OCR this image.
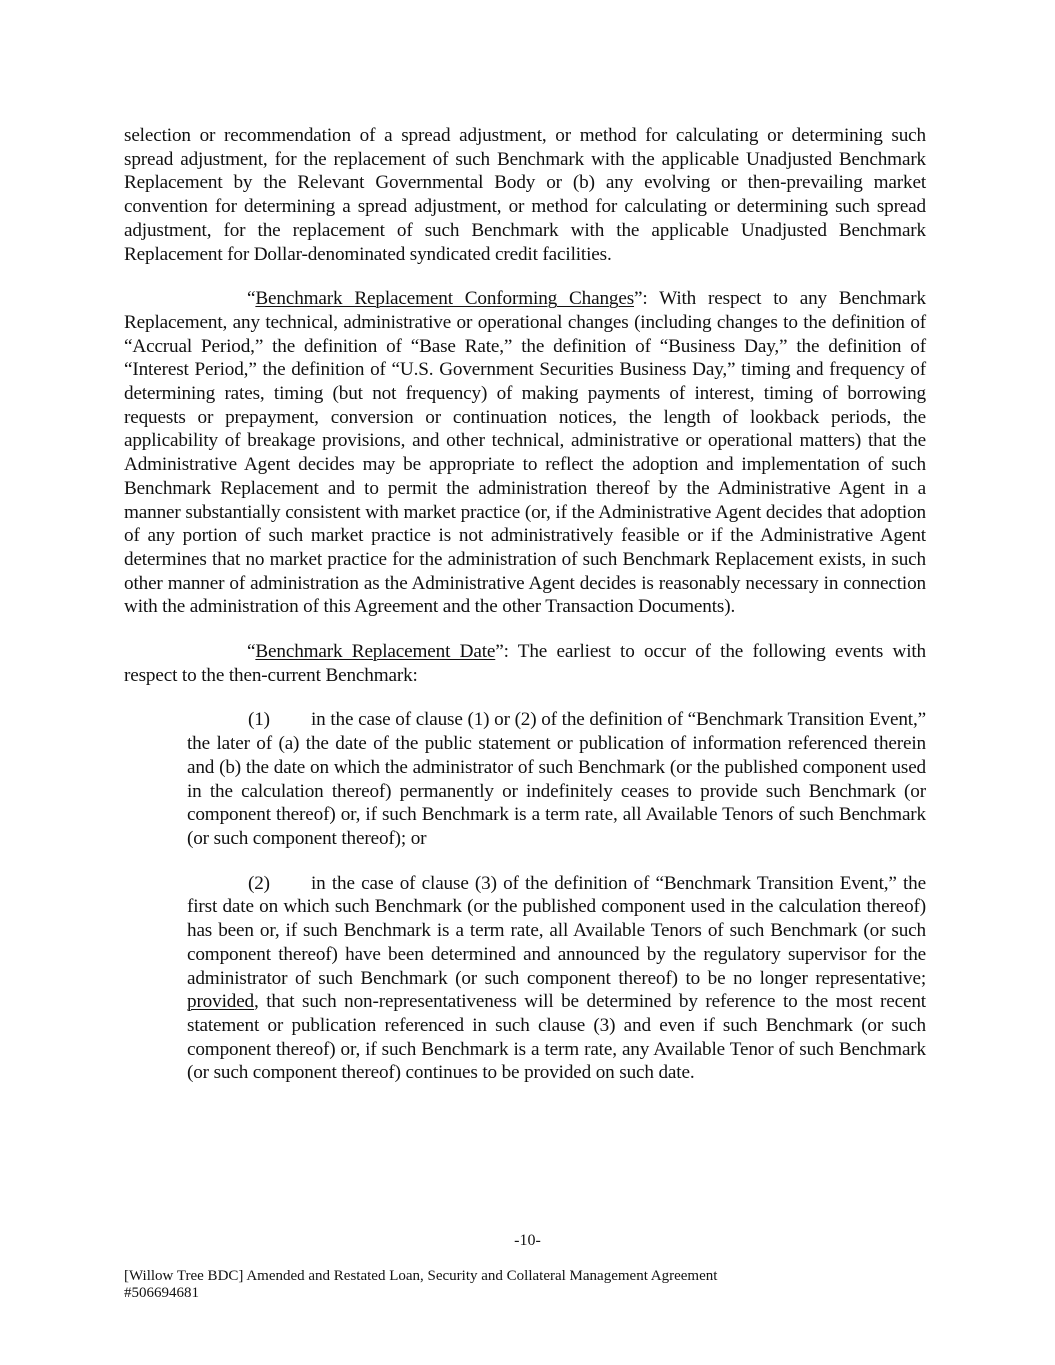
selection or recommendation of a spread adjustment, or method for calculating or determining such spread adjustment, for the replacement of such Benchmark with the applicable Unadjusted Benchmark Replacement by the Relevant Governmental Body or (b) any evolving or then-prevailing market convention for determining a spread adjustment, or method for calculating or determining such spread adjustment, for the replacement of such Benchmark with the applicable Unadjusted Benchmark Replacement for Dollar-denominated syndicated credit facilities.

“Benchmark Replacement Conforming Changes”: With respect to any Benchmark Replacement, any technical, administrative or operational changes (including changes to the definition of “Accrual Period,” the definition of “Base Rate,” the definition of “Business Day,” the definition of “Interest Period,” the definition of “U.S. Government Securities Business Day,” timing and frequency of determining rates, timing (but not frequency) of making payments of interest, timing of borrowing requests or prepayment, conversion or continuation notices, the length of lookback periods, the applicability of breakage provisions, and other technical, administrative or operational matters) that the Administrative Agent decides may be appropriate to reflect the adoption and implementation of such Benchmark Replacement and to permit the administration thereof by the Administrative Agent in a manner substantially consistent with market practice (or, if the Administrative Agent decides that adoption of any portion of such market practice is not administratively feasible or if the Administrative Agent determines that no market practice for the administration of such Benchmark Replacement exists, in such other manner of administration as the Administrative Agent decides is reasonably necessary in connection with the administration of this Agreement and the other Transaction Documents).

“Benchmark Replacement Date”: The earliest to occur of the following events with respect to the then-current Benchmark:

(1) in the case of clause (1) or (2) of the definition of “Benchmark Transition Event,” the later of (a) the date of the public statement or publication of information referenced therein and (b) the date on which the administrator of such Benchmark (or the published component used in the calculation thereof) permanently or indefinitely ceases to provide such Benchmark (or component thereof) or, if such Benchmark is a term rate, all Available Tenors of such Benchmark (or such component thereof); or

(2) in the case of clause (3) of the definition of “Benchmark Transition Event,” the first date on which such Benchmark (or the published component used in the calculation thereof) has been or, if such Benchmark is a term rate, all Available Tenors of such Benchmark (or such component thereof) have been determined and announced by the regulatory supervisor for the administrator of such Benchmark (or such component thereof) to be no longer representative; provided, that such non-representativeness will be determined by reference to the most recent statement or publication referenced in such clause (3) and even if such Benchmark (or such component thereof) or, if such Benchmark is a term rate, any Available Tenor of such Benchmark (or such component thereof) continues to be provided on such date.

-10-
[Willow Tree BDC] Amended and Restated Loan, Security and Collateral Management Agreement
#506694681
